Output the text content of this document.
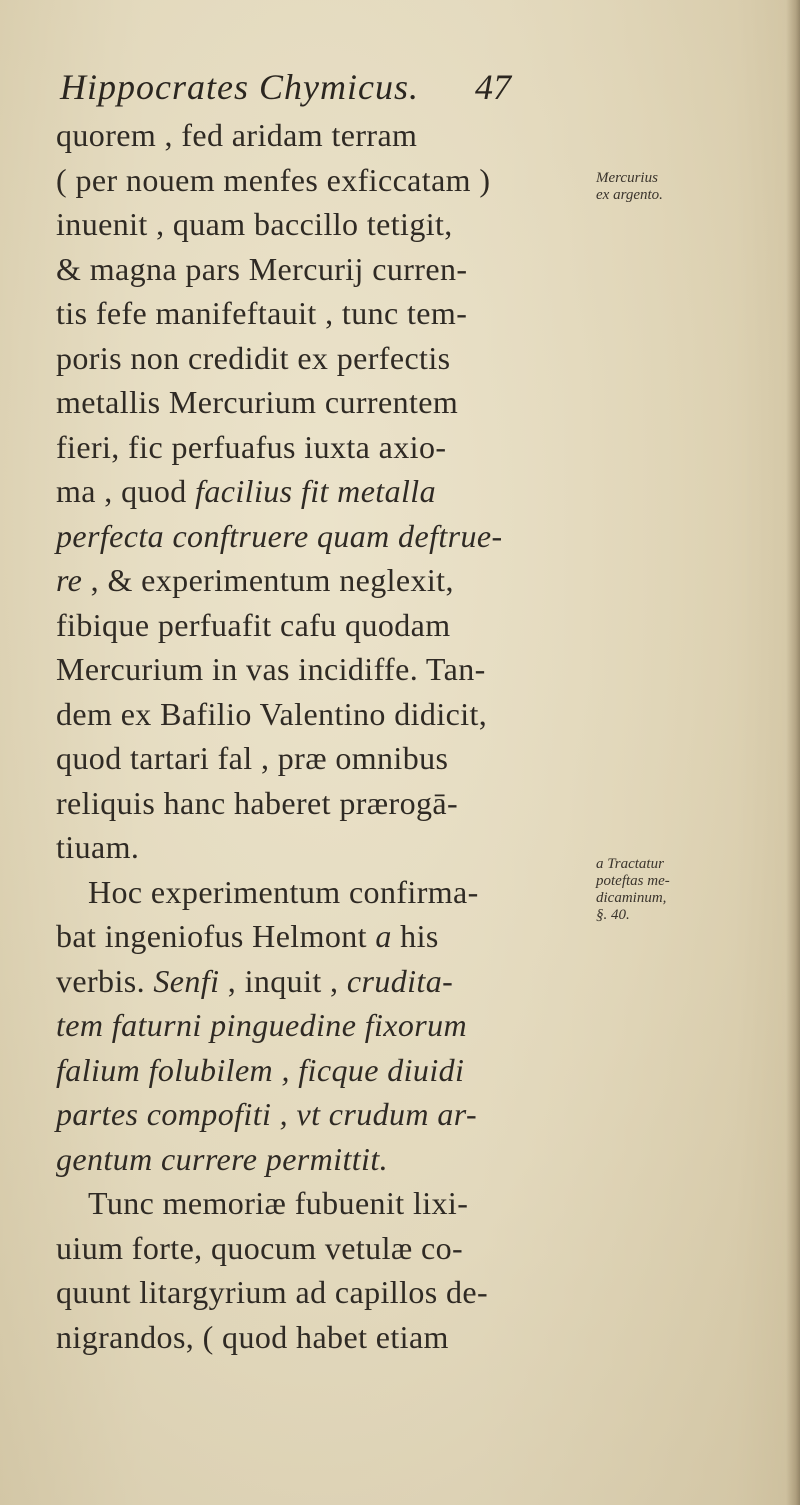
Hippocrates Chymicus. 47
quorem , fed aridam terram
( per nouem menfes exficcatam )
inuenit , quam baccillo tetigit,
& magna pars Mercurij curren-
tis fefe manifeftauit , tunc tem-
poris non credidit ex perfectis
metallis Mercurium currentem
fieri, fic perfuafus iuxta axio-
ma , quod facilius fit metalla
perfecta conftruere quam deftrue-
re , & experimentum neglexit,
fibique perfuafit cafu quodam
Mercurium in vas incidiffe. Tan-
dem ex Bafilio Valentino didicit,
quod tartari fal , præ omnibus
reliquis hanc haberet prærogā-
tiuam.
Hoc experimentum confirma-
bat ingeniofus Helmont a his
verbis. Senfi , inquit , crudita-
tem faturni pinguedine fixorum
falium folubilem , ficque diuidi
partes compofiti , vt crudum ar-
gentum currere permittit.
Tunc memoriæ fubuenit lixi-
uium forte, quocum vetulæ co-
quunt litargyrium ad capillos de-
nigrandos, ( quod habet etiam
Mercurius
ex argento.
a Tractatur
poteftas me-
dicaminum,
§. 40.
